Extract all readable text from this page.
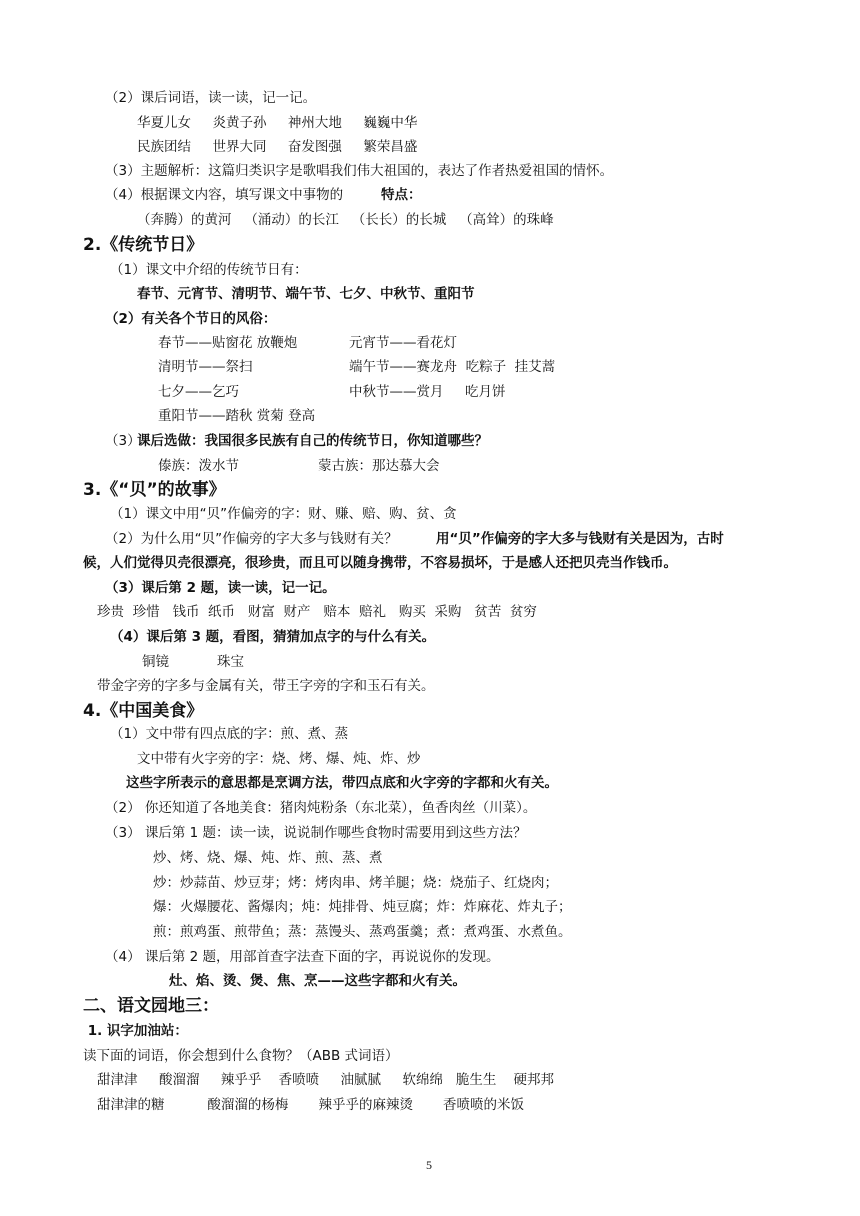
（2）课后词语，读一读，记一记。
华夏儿女     炎黄子孙     神州大地     巍巍中华
民族团结     世界大同     奋发图强     繁荣昌盛
（3）主题解析：这篇归类识字是歌唱我们伟大祖国的，表达了作者热爱祖国的情怀。
（4）根据课文内容，填写课文中事物的	特点：
（奔腾）的黄河   （涌动）的长江   （长长）的长城   （高耸）的珠峰
2.《传统节日》
（1）课文中介绍的传统节日有：
春节、元宵节、清明节、端午节、七夕、中秋节、重阳节
（2）有关各个节日的风俗：
春节——贴窗花 放鞭炮	元宵节——看花灯
清明节——祭扫	端午节——赛龙舟  吃粽子  挂艾蒿
七夕——乞巧	中秋节——赏月     吃月饼
重阳节——踏秋 赏菊 登高
（3）
课后选做：我国很多民族有自己的传统节日，你知道哪些？
傣族：泼水节	蒙古族：那达慕大会
3.《“贝”的故事》
（1）课文中用“贝”作偏旁的字：财、赚、赔、购、贫、贪
（2）为什么用“贝”作偏旁的字大多与钱财有关？	用“贝”作偏旁的字大多与钱财有关是因为，古时
候，人们觉得贝壳很漂亮，很珍贵，而且可以随身携带，不容易损坏，于是感人还把贝壳当作钱币。
（3）课后第 2 题，读一读，记一记。
珍贵  珍惜   钱币  纸币   财富  财产   赔本  赔礼   购买  采购   贫苦  贫穷
（4）课后第 3 题，看图，猜猜加点字的与什么有关。
铜镜	珠宝
带金字旁的字多与金属有关，带王字旁的字和玉石有关。
4.《中国美食》
（1）文中带有四点底的字：煎、煮、蒸
文中带有火字旁的字：烧、烤、爆、炖、炸、炒
这些字所表示的意思都是烹调方法，带四点底和火字旁的字都和火有关。
（2） 你还知道了各地美食：猪肉炖粉条（东北菜），鱼香肉丝（川菜）。
（3） 课后第 1 题：读一读，说说制作哪些食物时需要用到这些方法？
炒、烤、烧、爆、炖、炸、煎、蒸、煮
炒：炒蒜苗、炒豆芽；烤：烤肉串、烤羊腿；烧：烧茄子、红烧肉；
爆：火爆腰花、酱爆肉；炖：炖排骨、炖豆腐；炸：炸麻花、炸丸子；
煎：煎鸡蛋、煎带鱼；蒸：蒸馒头、蒸鸡蛋羹；煮：煮鸡蛋、水煮鱼。
（4） 课后第 2 题，用部首查字法查下面的字，再说说你的发现。
灶、焰、烫、煲、焦、烹——这些字都和火有关。
二、语文园地三：
1. 识字加油站：
读下面的词语，你会想到什么食物？（ABB 式词语）
甜津津     酸溜溜     辣乎乎    香喷喷     油腻腻     软绵绵   脆生生    硬邦邦
甜津津的糖          酸溜溜的杨梅       辣乎乎的麻辣烫       香喷喷的米饭
5
